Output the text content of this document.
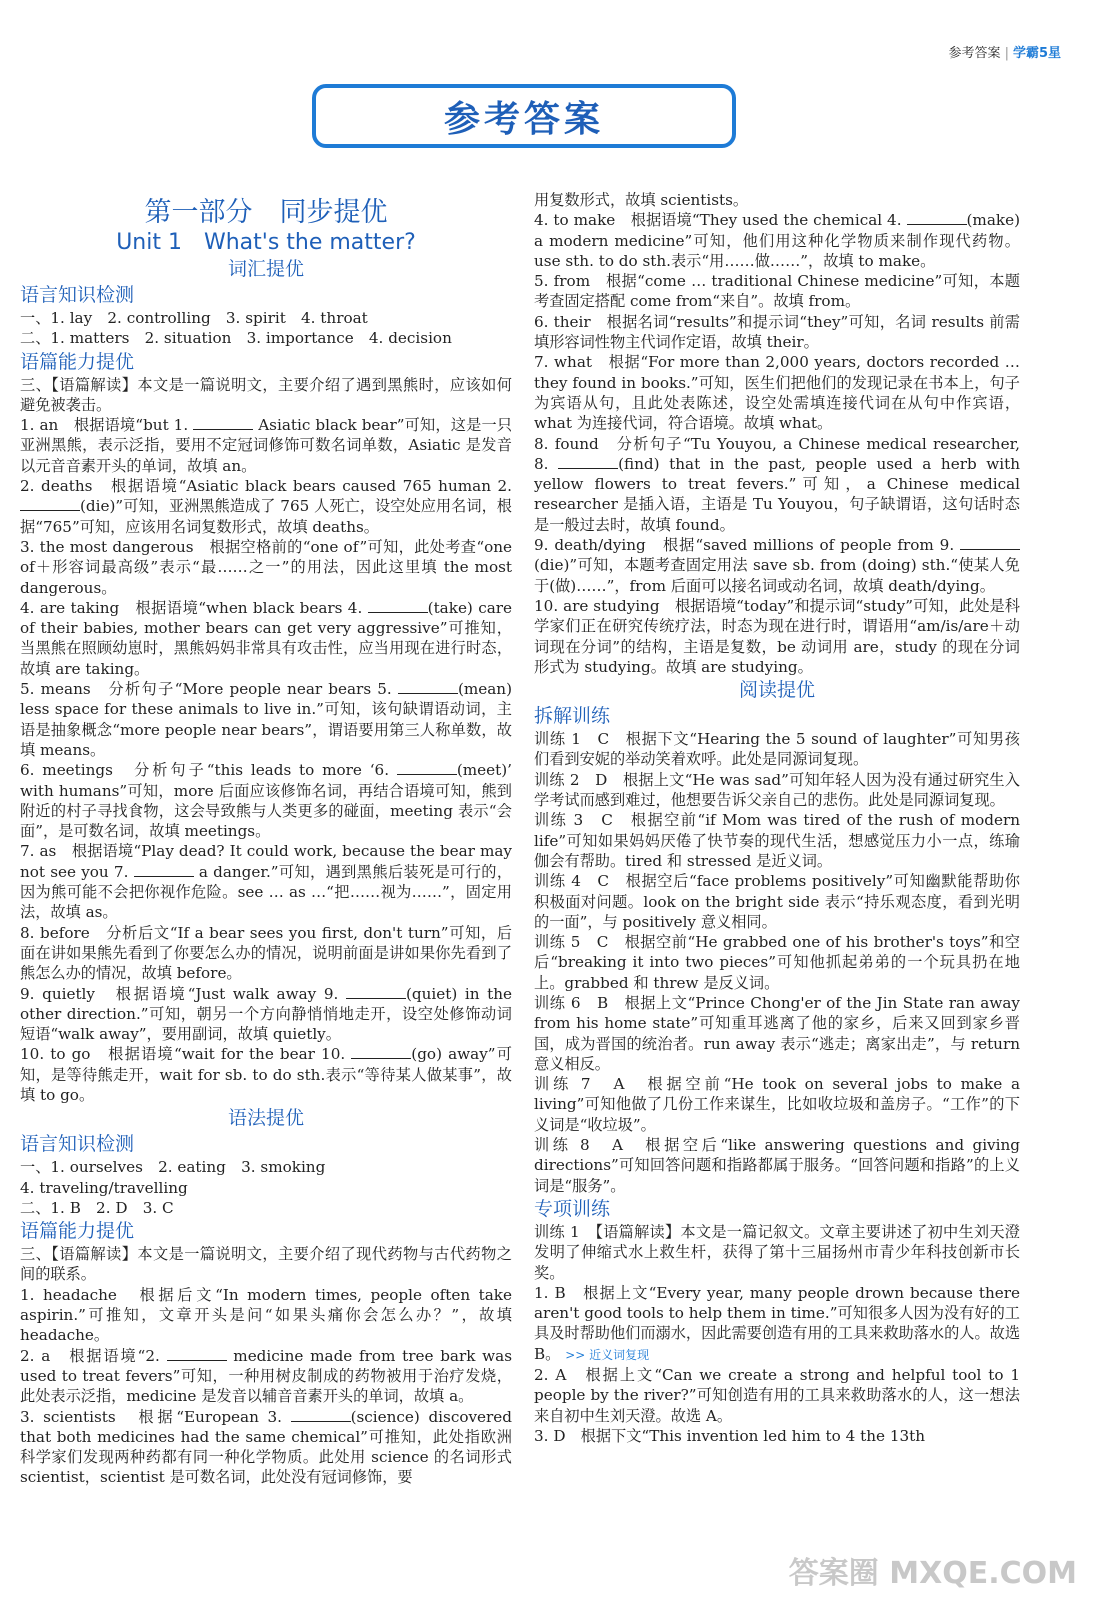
参考答案 | 学霸5星
参考答案
第一部分　同步提优
Unit 1　What's the matter?
词汇提优
语言知识检测

一、1. lay　2. controlling　3. spirit　4. throat

二、1. matters　2. situation　3. importance　4. decision

语篇能力提优

三、【语篇解读】本文是一篇说明文，主要介绍了遇到黑熊时，应该如何避免被袭击。

1. an　根据语境“but 1.	Asiatic black bear”可知，这是一只亚洲黑熊，表示泛指，要用不定冠词修饰可数名词单数，Asiatic 是发音以元音音素开头的单词，故填 an。

2. deaths　根据语境“Asiatic black bears caused 765 human 2. (die)”可知，亚洲黑熊造成了 765 人死亡，设空处应用名词，根据“765”可知，应该用名词复数形式，故填 deaths。

3. the most dangerous　根据空格前的“one of”可知，此处考查“one of＋形容词最高级”表示“最……之一”的用法，因此这里填 the most dangerous。

4. are taking　根据语境“when black bears 4.	(take) care of their babies, mother bears can get very aggressive”可推知，当黑熊在照顾幼崽时，黑熊妈妈非常具有攻击性，应当用现在进行时态，故填 are taking。

5. means　分析句子“More people near bears 5.	(mean) less space for these animals to live in.”可知，该句缺谓语动词，主语是抽象概念“more people near bears”，谓语要用第三人称单数，故填 means。

6. meetings　分析句子“this leads to more ‘6.	(meet)’ with humans”可知，more 后面应该修饰名词，再结合语境可知，熊到附近的村子寻找食物，这会导致熊与人类更多的碰面，meeting 表示“会面”，是可数名词，故填 meetings。

7. as　根据语境“Play dead? It could work, because the bear may not see you 7.	a danger.”可知，遇到黑熊后装死是可行的，因为熊可能不会把你视作危险。see … as …“把……视为……”，固定用法，故填 as。

8. before　分析后文“If a bear sees you first, don't turn”可知，后面在讲如果熊先看到了你要怎么办的情况，说明前面是讲如果你先看到了熊怎么办的情况，故填 before。

9. quietly　根据语境“Just walk away 9.	(quiet) in the other direction.”可知，朝另一个方向静悄悄地走开，设空处修饰动词短语“walk away”，要用副词，故填 quietly。

10. to go　根据语境“wait for the bear 10.	(go) away”可知，是等待熊走开，wait for sb. to do sth.表示“等待某人做某事”，故填 to go。

语法提优
语言知识检测

一、1. ourselves　2. eating　3. smoking

4. traveling/travelling

二、1. B　2. D　3. C

语篇能力提优

三、【语篇解读】本文是一篇说明文，主要介绍了现代药物与古代药物之间的联系。

1. headache　根据后文“In modern times, people often take aspirin.”可推知，文章开头是问“如果头痛你会怎么办？”，故填 headache。

2. a　根据语境“2.	medicine made from tree bark was used to treat fevers”可知，一种用树皮制成的药物被用于治疗发烧，此处表示泛指，medicine 是发音以辅音音素开头的单词，故填 a。

3. scientists　根据“European 3.	(science) discovered that both medicines had the same chemical”可推知，此处指欧洲科学家们发现两种药都有同一种化学物质。此处用 science 的名词形式 scientist，scientist 是可数名词，此处没有冠词修饰，要

用复数形式，故填 scientists。

4. to make　根据语境“They used the chemical 4.	(make) a modern medicine”可知，他们用这种化学物质来制作现代药物。use sth. to do sth.表示“用……做……”，故填 to make。

5. from　根据“come … traditional Chinese medicine”可知，本题考查固定搭配 come from“来自”。故填 from。

6. their　根据名词“results”和提示词“they”可知，名词 results 前需填形容词性物主代词作定语，故填 their。

7. what　根据“For more than 2,000 years, doctors recorded … they found in books.”可知，医生们把他们的发现记录在书本上，句子为宾语从句，且此处表陈述，设空处需填连接代词在从句中作宾语，what 为连接代词，符合语境。故填 what。

8. found　分析句子“Tu Youyou, a Chinese medical researcher, 8.	(find) that in the past, people used a herb with yellow flowers to treat fevers.”可知，a Chinese medical researcher 是插入语，主语是 Tu Youyou，句子缺谓语，这句话时态是一般过去时，故填 found。

9. death/dying　根据“saved millions of people from 9. (die)”可知，本题考查固定用法 save sb. from (doing) sth.“使某人免于(做)……”，from 后面可以接名词或动名词，故填 death/dying。

10. are studying　根据语境“today”和提示词“study”可知，此处是科学家们正在研究传统疗法，时态为现在进行时，谓语用“am/is/are＋动词现在分词”的结构，主语是复数，be 动词用 are，study 的现在分词形式为 studying。故填 are studying。

阅读提优
拆解训练

训练 1　C　根据下文“Hearing the 5 sound of laughter”可知男孩们看到安妮的举动笑着欢呼。此处是同源词复现。

训练 2　D　根据上文“He was sad”可知年轻人因为没有通过研究生入学考试而感到难过，他想要告诉父亲自己的悲伤。此处是同源词复现。

训练 3　C　根据空前“if Mom was tired of the rush of modern life”可知如果妈妈厌倦了快节奏的现代生活，想感觉压力小一点，练瑜伽会有帮助。tired 和 stressed 是近义词。

训练 4　C　根据空后“face problems positively”可知幽默能帮助你积极面对问题。look on the bright side 表示“持乐观态度，看到光明的一面”，与 positively 意义相同。

训练 5　C　根据空前“He grabbed one of his brother's toys”和空后“breaking it into two pieces”可知他抓起弟弟的一个玩具扔在地上。grabbed 和 threw 是反义词。

训练 6　B　根据上文“Prince Chong'er of the Jin State ran away from his home state”可知重耳逃离了他的家乡，后来又回到家乡晋国，成为晋国的统治者。run away 表示“逃走；离家出走”，与 return 意义相反。

训练 7　A　根据空前“He took on several jobs to make a living”可知他做了几份工作来谋生，比如收垃圾和盖房子。“工作”的下义词是“收垃圾”。

训练 8　A　根据空后“like answering questions and giving directions”可知回答问题和指路都属于服务。“回答问题和指路”的上义词是“服务”。

专项训练

训练 1　【语篇解读】本文是一篇记叙文。文章主要讲述了初中生刘天澄发明了伸缩式水上救生杆，获得了第十三届扬州市青少年科技创新市长奖。

1. B　根据上文“Every year, many people drown because there aren't good tools to help them in time.”可知很多人因为没有好的工具及时帮助他们而溺水，因此需要创造有用的工具来救助落水的人。故选 B。 >> 近义词复现

2. A　根据上文“Can we create a strong and helpful tool to 1 people by the river?”可知创造有用的工具来救助落水的人，这一想法来自初中生刘天澄。故选 A。

3. D　根据下文“This invention led him to 4 the 13th

答案圈 MXQE.COM
